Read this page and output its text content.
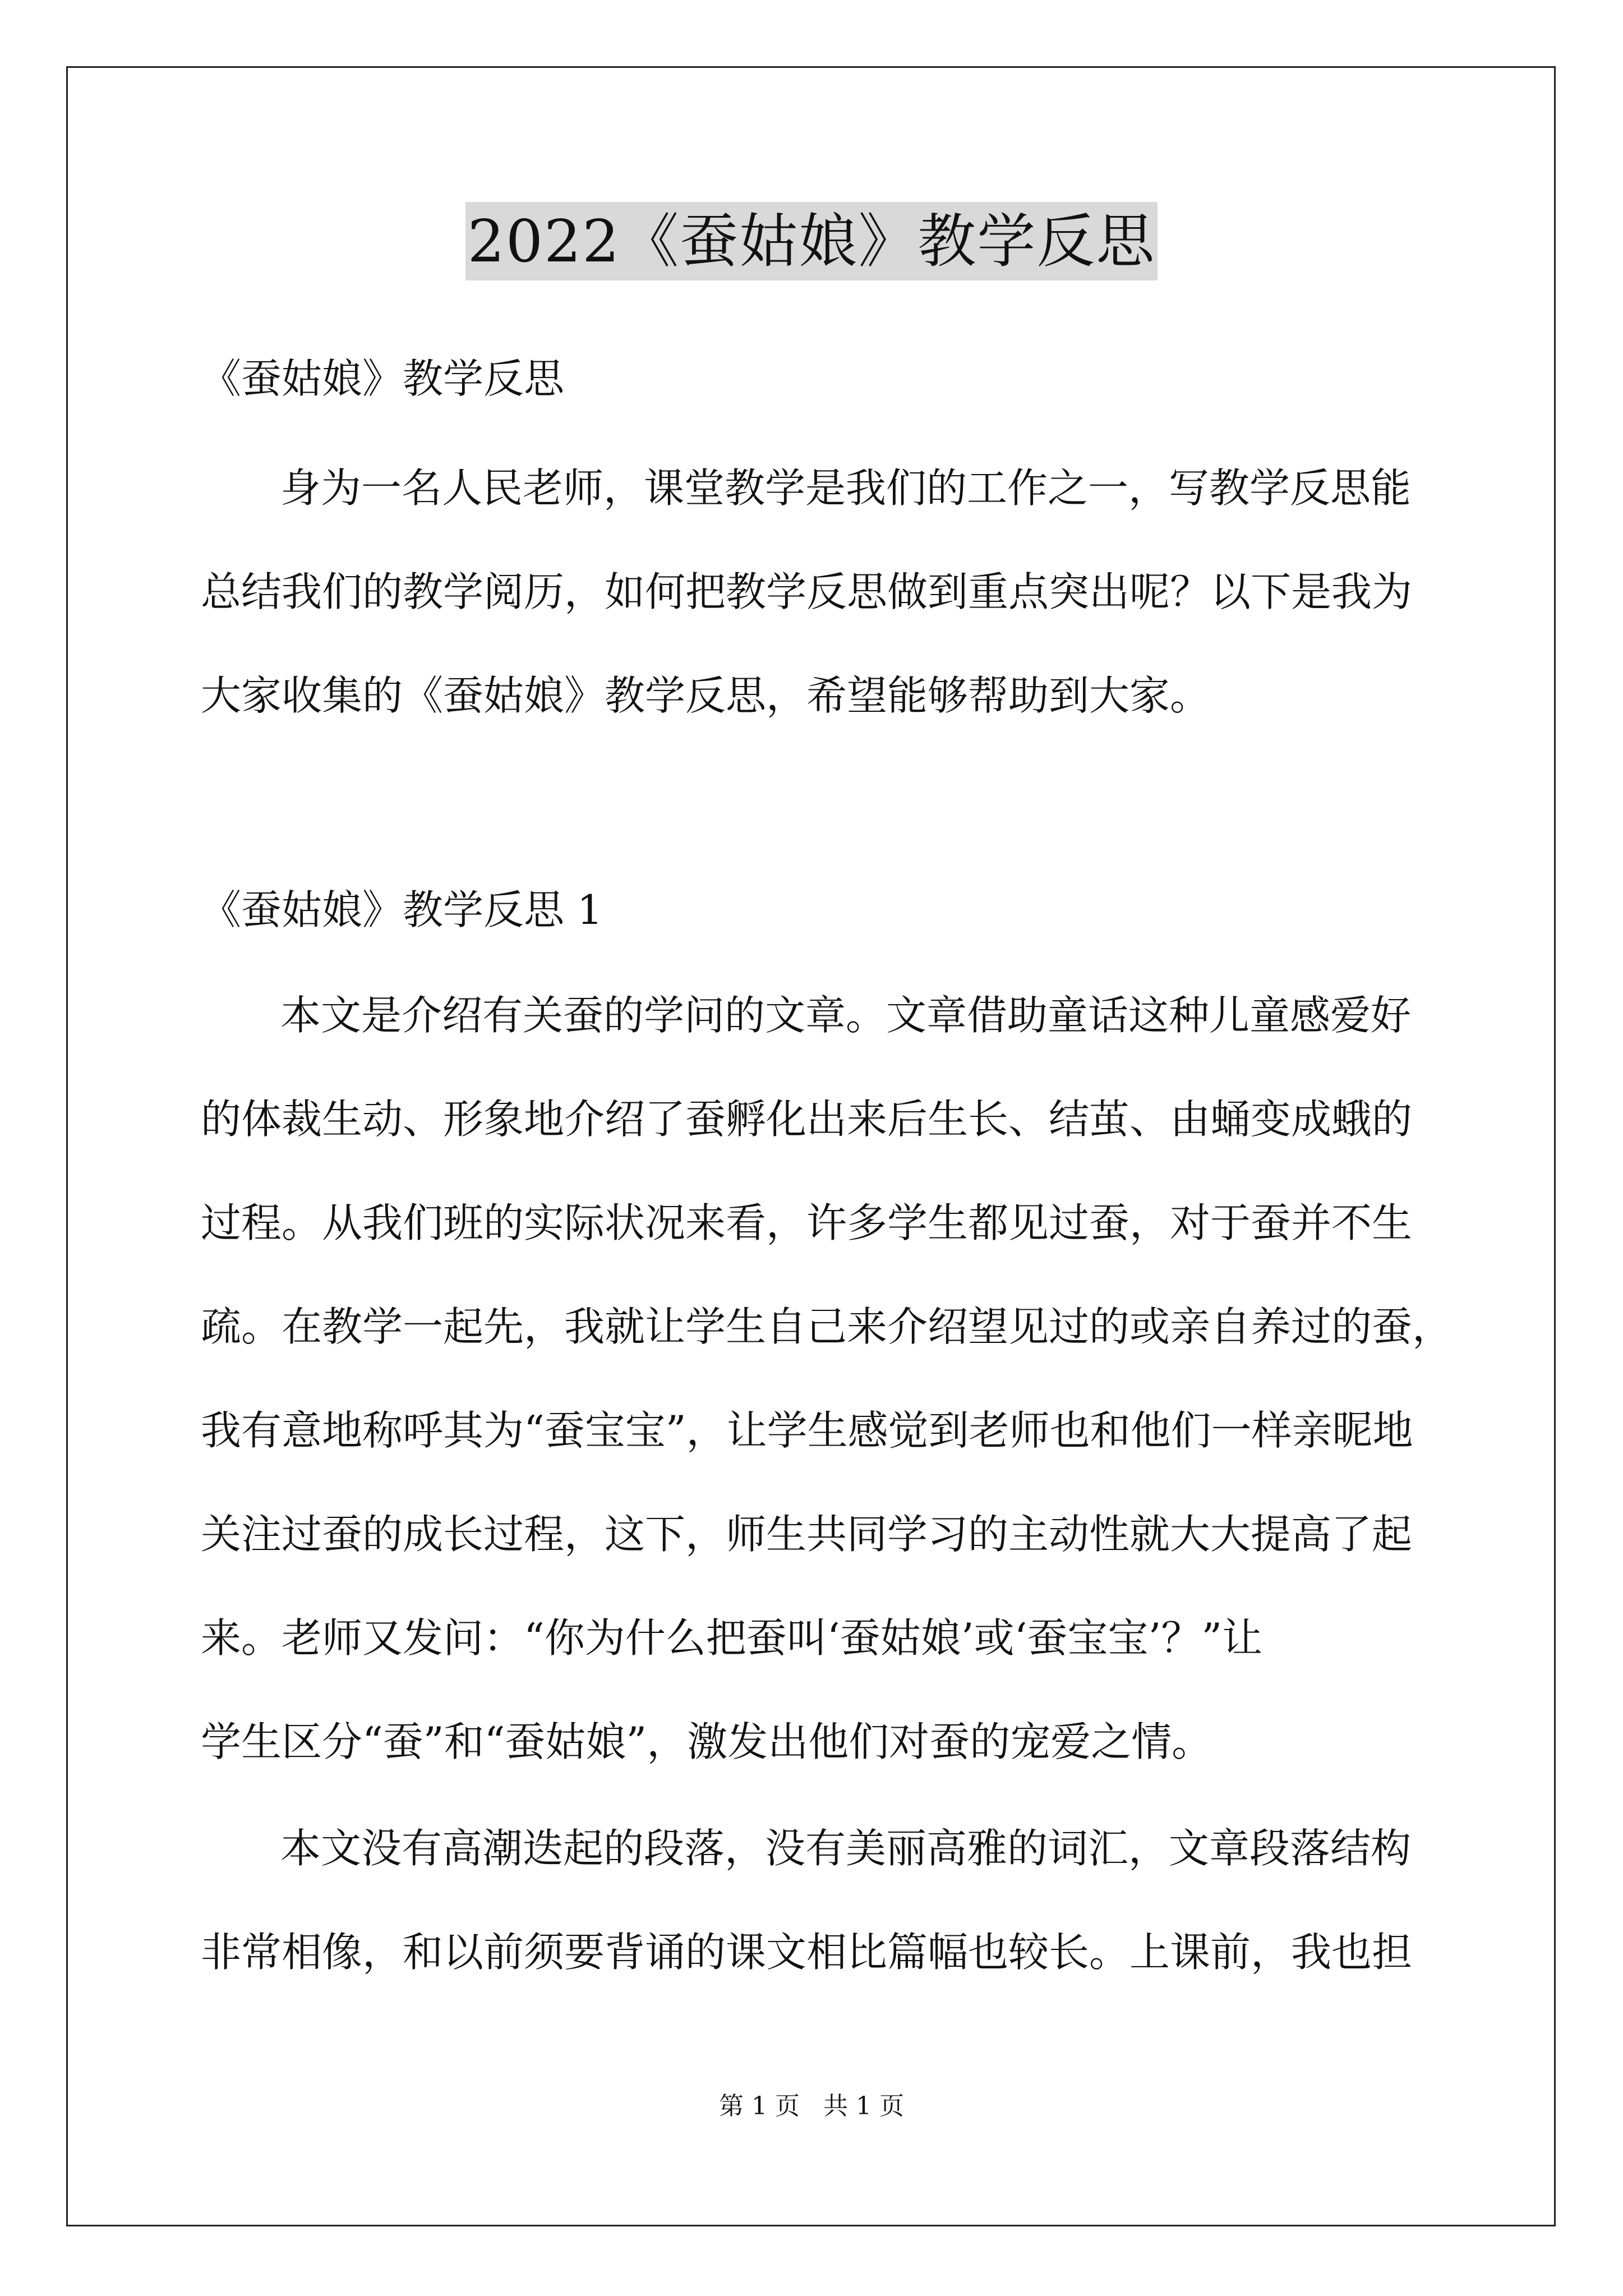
2022《蚕姑娘》教学反思
《蚕姑娘》教学反思
身为一名人民老师，课堂教学是我们的工作之一，写教学反思能
总结我们的教学阅历，如何把教学反思做到重点突出呢？以下是我为
大家收集的《蚕姑娘》教学反思，希望能够帮助到大家。
《蚕姑娘》教学反思 1
本文是介绍有关蚕的学问的文章。文章借助童话这种儿童感爱好
的体裁生动、形象地介绍了蚕孵化出来后生长、结茧、由蛹变成蛾的
过程。从我们班的实际状况来看，许多学生都见过蚕，对于蚕并不生
疏。在教学一起先，我就让学生自己来介绍望见过的或亲自养过的蚕，
我有意地称呼其为“蚕宝宝”，让学生感觉到老师也和他们一样亲昵地
关注过蚕的成长过程，这下，师生共同学习的主动性就大大提高了起
来。老师又发问：“你为什么把蚕叫‘蚕姑娘’或‘蚕宝宝’？”让
学生区分“蚕”和“蚕姑娘”，激发出他们对蚕的宠爱之情。
本文没有高潮迭起的段落，没有美丽高雅的词汇，文章段落结构
非常相像，和以前须要背诵的课文相比篇幅也较长。上课前，我也担
第 1 页   共 1 页
